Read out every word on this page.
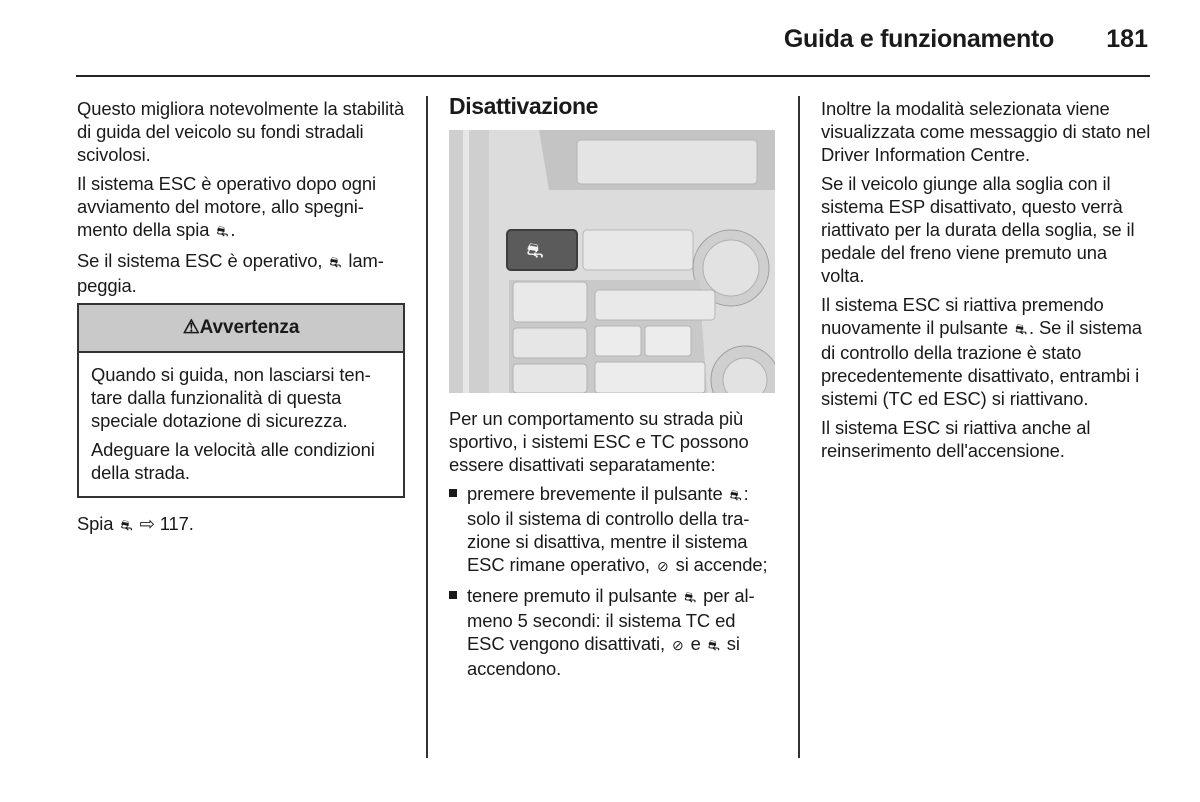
Guida e funzionamento 181

Questo migliora notevolmente la stabilità di guida del veicolo su fondi stradali scivolosi.

Il sistema ESC è operativo dopo ogni avviamento del motore, allo spegnimento della spia ⛐ .

Se il sistema ESC è operativo, ⛐ lampeggia.

⚠Avvertenza

Quando si guida, non lasciarsi tentare dalla funzionalità di questa speciale dotazione di sicurezza.

Adeguare la velocità alle condizioni della strada.

Spia ⛐ ⇨ 117.

Disattivazione
⛐

Per un comportamento su strada più sportivo, i sistemi ESC e TC possono essere disattivati separatamente:

premere brevemente il pulsante ⛐ : solo il sistema di controllo della trazione si disattiva, mentre il sistema ESC rimane operativo, ⊘ si accende;
tenere premuto il pulsante ⛐ per almeno 5 secondi: il sistema TC ed ESC vengono disattivati, ⊘ e ⛐ si accendono.

Inoltre la modalità selezionata viene visualizzata come messaggio di stato nel Driver Information Centre.

Se il veicolo giunge alla soglia con il sistema ESP disattivato, questo verrà riattivato per la durata della soglia, se il pedale del freno viene premuto una volta.

Il sistema ESC si riattiva premendo nuovamente il pulsante ⛐ . Se il sistema di controllo della trazione è stato precedentemente disattivato, entrambi i sistemi (TC ed ESC) si riattivano.

Il sistema ESC si riattiva anche al reinserimento dell'accensione.
